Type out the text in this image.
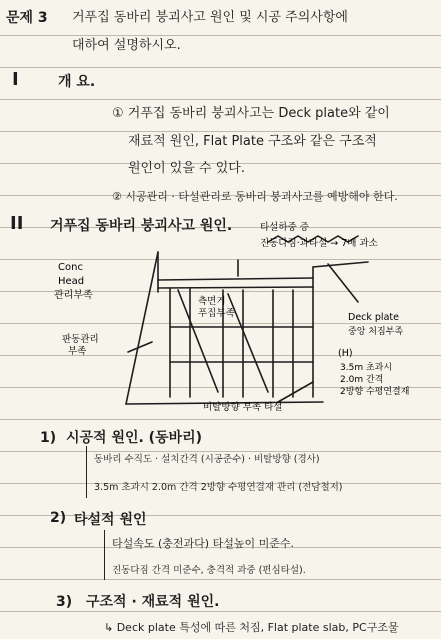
문제 3 거푸집 동바리 붕괴사고 원인 및 시공 주의사항에
대하여 설명하시오.
I	개 요.
① 거푸집 동바리 붕괴사고는 Deck plate와 같이
재료적 원인, Flat Plate 구조와 같은 구조적
원인이 있을 수 있다.
② 시공관리 · 타설관리로 동바리 붕괴사고를 예방해야 한다.
II 거푸집 동바리 붕괴사고 원인.
Conc
Head
관리부족
타설하중 증
진동다짐·과타설 → 7배 과소
측면거
푸집부족
판동관리
부족
Deck plate
중앙 처짐부족
(H)
3.5m 초과시
2.0m 간격
2방향 수평연결재
비탈방향 부족 타설
1) 시공적 원인. (동바리)
동바리 수직도 · 설치간격 (시공준수) · 비탈방향 (경사)
3.5m 초과시 2.0m 간격 2방향 수평연결재 관리 (전담철저)
2) 타설적 원인
타설속도 (충전과다) 타설높이 미준수.
진동다짐 간격 미준수, 충격적 과중 (편심타설).
3) 구조적 · 재료적 원인.
↳ Deck plate 특성에 따른 처짐, Flat plate slab, PC구조물
